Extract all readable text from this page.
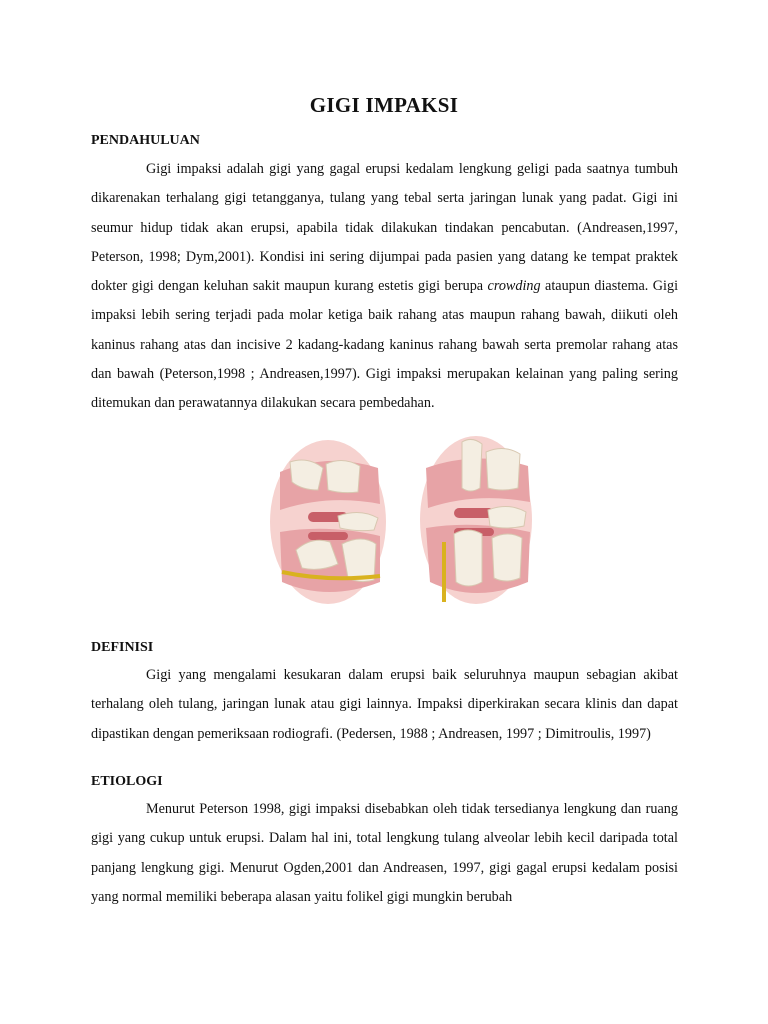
GIGI IMPAKSI
PENDAHULUAN

Gigi impaksi adalah gigi yang gagal erupsi kedalam lengkung geligi pada saatnya tumbuh dikarenakan terhalang gigi tetangganya, tulang yang tebal serta jaringan lunak yang padat. Gigi ini seumur hidup tidak akan erupsi, apabila tidak dilakukan tindakan pencabutan. (Andreasen,1997, Peterson, 1998; Dym,2001). Kondisi ini sering dijumpai pada pasien yang datang ke tempat praktek dokter gigi dengan keluhan sakit maupun kurang estetis gigi berupa crowding ataupun diastema. Gigi impaksi lebih sering terjadi pada molar ketiga baik rahang atas maupun rahang bawah, diikuti oleh kaninus rahang atas dan incisive 2 kadang-kadang kaninus rahang bawah serta premolar rahang atas dan bawah (Peterson,1998 ; Andreasen,1997). Gigi impaksi merupakan kelainan yang paling sering ditemukan dan perawatannya dilakukan secara pembedahan.

DEFINISI

Gigi yang mengalami kesukaran dalam erupsi baik seluruhnya maupun sebagian akibat terhalang oleh tulang, jaringan lunak atau gigi lainnya. Impaksi diperkirakan secara klinis dan dapat dipastikan dengan pemeriksaan rodiografi. (Pedersen, 1988 ; Andreasen, 1997 ; Dimitroulis, 1997)

ETIOLOGI

Menurut Peterson 1998, gigi impaksi disebabkan oleh tidak tersedianya lengkung dan ruang gigi yang cukup untuk erupsi. Dalam hal ini, total lengkung tulang alveolar lebih kecil daripada total panjang lengkung gigi. Menurut Ogden,2001 dan Andreasen, 1997, gigi gagal erupsi kedalam posisi yang normal memiliki beberapa alasan yaitu folikel gigi mungkin berubah
